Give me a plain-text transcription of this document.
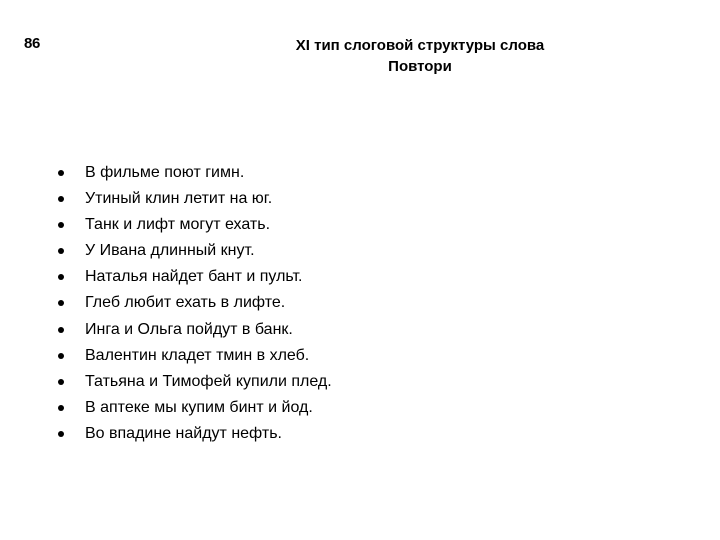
86	XI тип слоговой структуры слова
Повтори
В фильме поют гимн.
Утиный клин летит на юг.
Танк и лифт могут ехать.
У Ивана длинный кнут.
Наталья найдет бант и пульт.
Глеб любит ехать в лифте.
Инга и Ольга пойдут в банк.
Валентин кладет тмин в хлеб.
Татьяна и Тимофей купили плед.
В аптеке мы купим бинт и йод.
Во впадине найдут нефть.
